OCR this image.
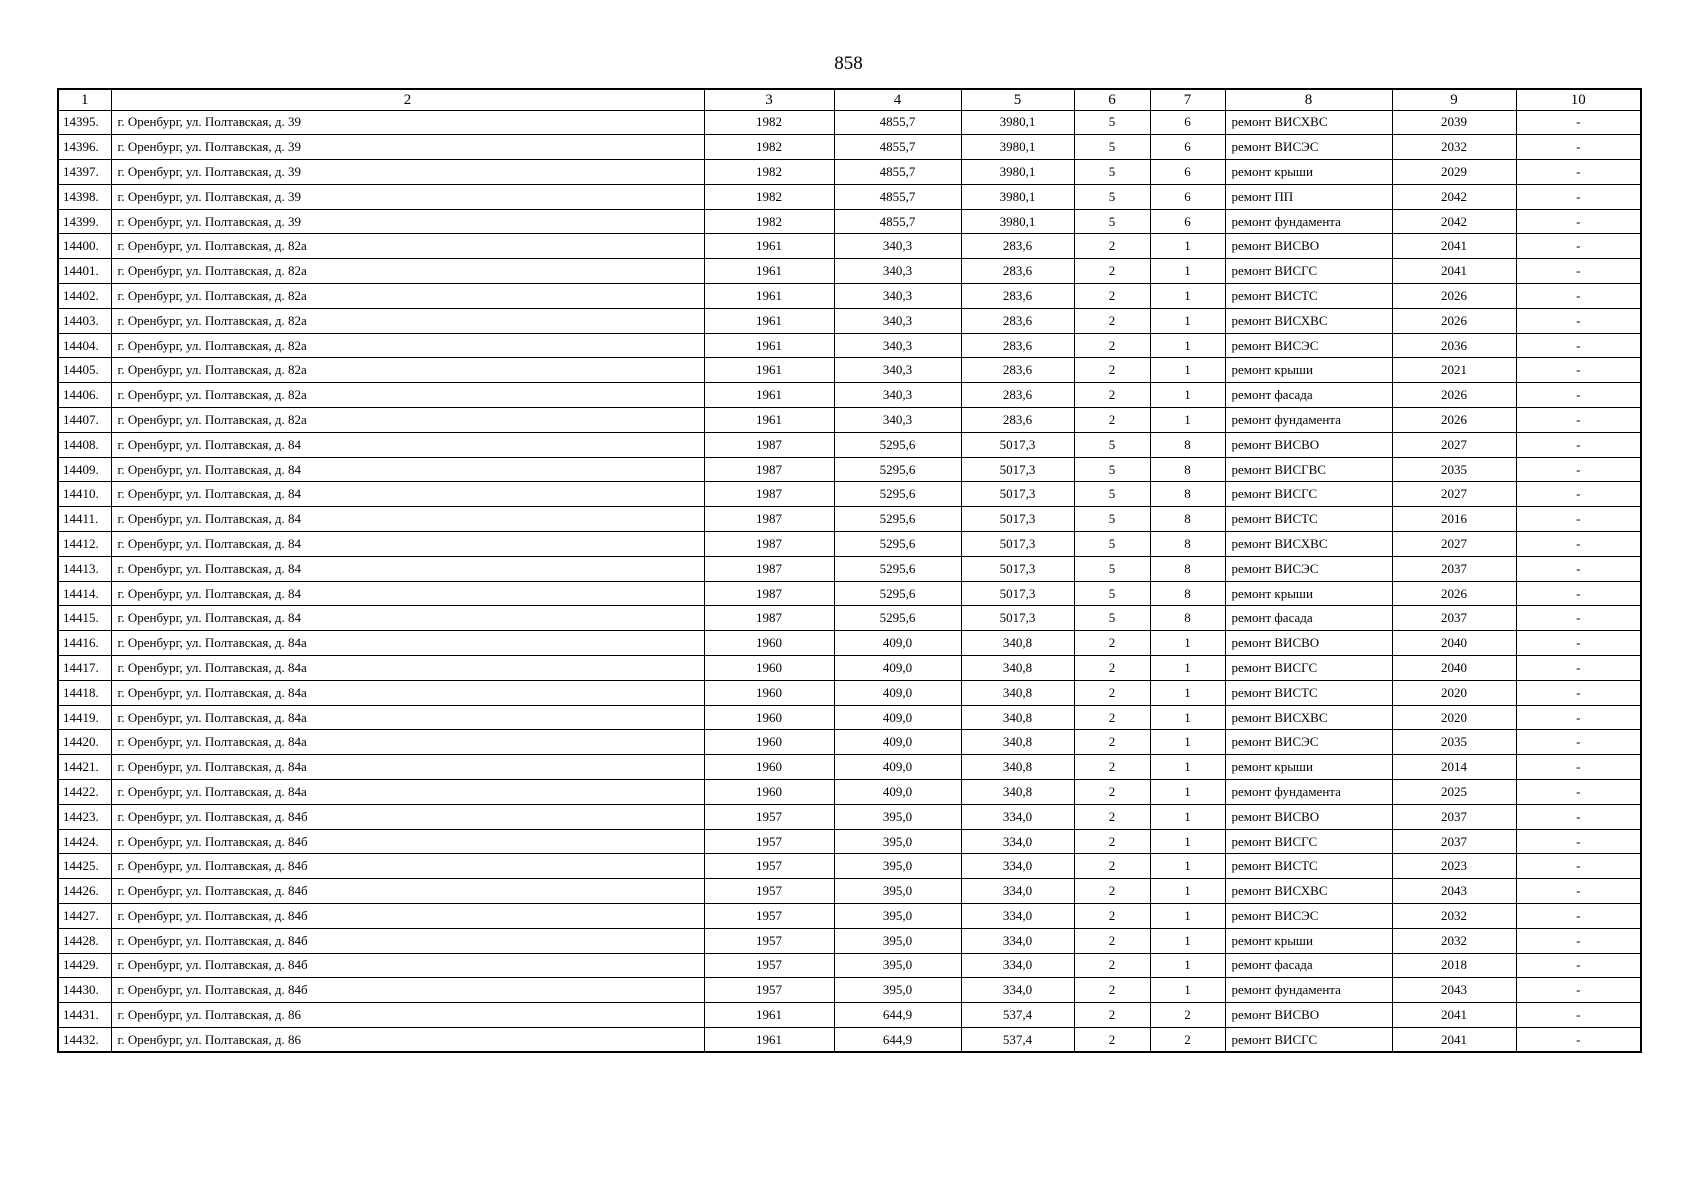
858
1	2	3	4	5	6	7	8	9	10
14395.	г. Оренбург, ул. Полтавская, д. 39	1982	4855,7	3980,1	5	6	ремонт ВИСХВС	2039	-
14396.	г. Оренбург, ул. Полтавская, д. 39	1982	4855,7	3980,1	5	6	ремонт ВИСЭС	2032	-
14397.	г. Оренбург, ул. Полтавская, д. 39	1982	4855,7	3980,1	5	6	ремонт крыши	2029	-
14398.	г. Оренбург, ул. Полтавская, д. 39	1982	4855,7	3980,1	5	6	ремонт ПП	2042	-
14399.	г. Оренбург, ул. Полтавская, д. 39	1982	4855,7	3980,1	5	6	ремонт фундамента	2042	-
14400.	г. Оренбург, ул. Полтавская, д. 82а	1961	340,3	283,6	2	1	ремонт ВИСВО	2041	-
14401.	г. Оренбург, ул. Полтавская, д. 82а	1961	340,3	283,6	2	1	ремонт ВИСГС	2041	-
14402.	г. Оренбург, ул. Полтавская, д. 82а	1961	340,3	283,6	2	1	ремонт ВИСТС	2026	-
14403.	г. Оренбург, ул. Полтавская, д. 82а	1961	340,3	283,6	2	1	ремонт ВИСХВС	2026	-
14404.	г. Оренбург, ул. Полтавская, д. 82а	1961	340,3	283,6	2	1	ремонт ВИСЭС	2036	-
14405.	г. Оренбург, ул. Полтавская, д. 82а	1961	340,3	283,6	2	1	ремонт крыши	2021	-
14406.	г. Оренбург, ул. Полтавская, д. 82а	1961	340,3	283,6	2	1	ремонт фасада	2026	-
14407.	г. Оренбург, ул. Полтавская, д. 82а	1961	340,3	283,6	2	1	ремонт фундамента	2026	-
14408.	г. Оренбург, ул. Полтавская, д. 84	1987	5295,6	5017,3	5	8	ремонт ВИСВО	2027	-
14409.	г. Оренбург, ул. Полтавская, д. 84	1987	5295,6	5017,3	5	8	ремонт ВИСГВС	2035	-
14410.	г. Оренбург, ул. Полтавская, д. 84	1987	5295,6	5017,3	5	8	ремонт ВИСГС	2027	-
14411.	г. Оренбург, ул. Полтавская, д. 84	1987	5295,6	5017,3	5	8	ремонт ВИСТС	2016	-
14412.	г. Оренбург, ул. Полтавская, д. 84	1987	5295,6	5017,3	5	8	ремонт ВИСХВС	2027	-
14413.	г. Оренбург, ул. Полтавская, д. 84	1987	5295,6	5017,3	5	8	ремонт ВИСЭС	2037	-
14414.	г. Оренбург, ул. Полтавская, д. 84	1987	5295,6	5017,3	5	8	ремонт крыши	2026	-
14415.	г. Оренбург, ул. Полтавская, д. 84	1987	5295,6	5017,3	5	8	ремонт фасада	2037	-
14416.	г. Оренбург, ул. Полтавская, д. 84а	1960	409,0	340,8	2	1	ремонт ВИСВО	2040	-
14417.	г. Оренбург, ул. Полтавская, д. 84а	1960	409,0	340,8	2	1	ремонт ВИСГС	2040	-
14418.	г. Оренбург, ул. Полтавская, д. 84а	1960	409,0	340,8	2	1	ремонт ВИСТС	2020	-
14419.	г. Оренбург, ул. Полтавская, д. 84а	1960	409,0	340,8	2	1	ремонт ВИСХВС	2020	-
14420.	г. Оренбург, ул. Полтавская, д. 84а	1960	409,0	340,8	2	1	ремонт ВИСЭС	2035	-
14421.	г. Оренбург, ул. Полтавская, д. 84а	1960	409,0	340,8	2	1	ремонт крыши	2014	-
14422.	г. Оренбург, ул. Полтавская, д. 84а	1960	409,0	340,8	2	1	ремонт фундамента	2025	-
14423.	г. Оренбург, ул. Полтавская, д. 84б	1957	395,0	334,0	2	1	ремонт ВИСВО	2037	-
14424.	г. Оренбург, ул. Полтавская, д. 84б	1957	395,0	334,0	2	1	ремонт ВИСГС	2037	-
14425.	г. Оренбург, ул. Полтавская, д. 84б	1957	395,0	334,0	2	1	ремонт ВИСТС	2023	-
14426.	г. Оренбург, ул. Полтавская, д. 84б	1957	395,0	334,0	2	1	ремонт ВИСХВС	2043	-
14427.	г. Оренбург, ул. Полтавская, д. 84б	1957	395,0	334,0	2	1	ремонт ВИСЭС	2032	-
14428.	г. Оренбург, ул. Полтавская, д. 84б	1957	395,0	334,0	2	1	ремонт крыши	2032	-
14429.	г. Оренбург, ул. Полтавская, д. 84б	1957	395,0	334,0	2	1	ремонт фасада	2018	-
14430.	г. Оренбург, ул. Полтавская, д. 84б	1957	395,0	334,0	2	1	ремонт фундамента	2043	-
14431.	г. Оренбург, ул. Полтавская, д. 86	1961	644,9	537,4	2	2	ремонт ВИСВО	2041	-
14432.	г. Оренбург, ул. Полтавская, д. 86	1961	644,9	537,4	2	2	ремонт ВИСГС	2041	-
